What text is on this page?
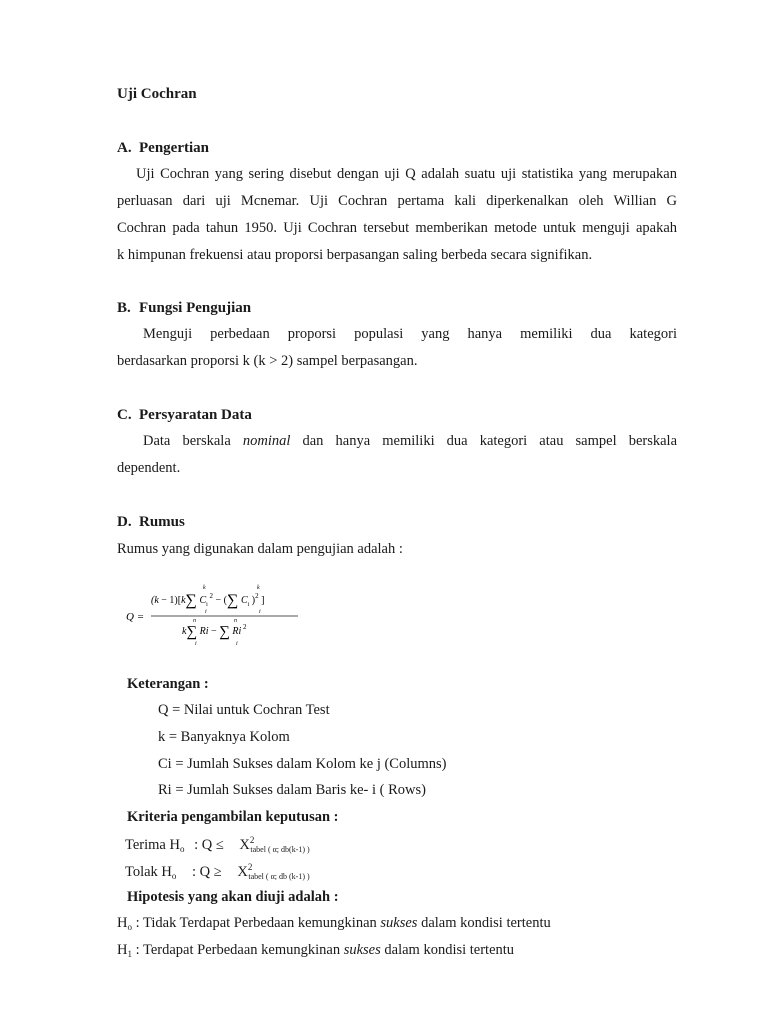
Uji Cochran
A. Pengertian
Uji Cochran yang sering disebut dengan uji Q adalah suatu uji statistika yang merupakan
perluasan dari uji Mcnemar. Uji Cochran pertama kali diperkenalkan oleh Willian G
Cochran pada tahun 1950. Uji Cochran tersebut memberikan metode untuk menguji apakah
k himpunan frekuensi atau proporsi berpasangan saling berbeda secara signifikan.
B. Fungsi Pengujian
Menguji perbedaan proporsi populasi yang hanya memiliki dua kategori
berdasarkan proporsi k (k > 2) sampel berpasangan.
C. Persyaratan Data
Data berskala nominal dan hanya memiliki dua kategori atau sampel berskala
dependent.
D. Rumus
Rumus yang digunakan dalam pengujian adalah :
Q =
(k − 1)[k∑ $C_i$ $^2$ − (∑ $C_i$ )$^2$ ]
k
i
k
i
k∑ Ri − ∑ Ri $^2$
n
i
n
i
Keterangan :
Q = Nilai untuk Cochran Test
k = Banyaknya Kolom
Ci = Jumlah Sukses dalam Kolom ke j (Columns)
Ri = Jumlah Sukses dalam Baris ke- i ( Rows)
Kriteria pengambilan keputusan :
Terima $H_o$ : $Q \le X^2_{tabel ( \alpha; db(k-1) )}$
Tolak $H_o$ : $Q \ge X^2_{tabel ( \alpha; db (k-1) )}$
Hipotesis yang akan diuji adalah :
$H_o$ : Tidak Terdapat Perbedaan kemungkinan sukses dalam kondisi tertentu
$H_1$ : Terdapat Perbedaan kemungkinan sukses dalam kondisi tertentu
